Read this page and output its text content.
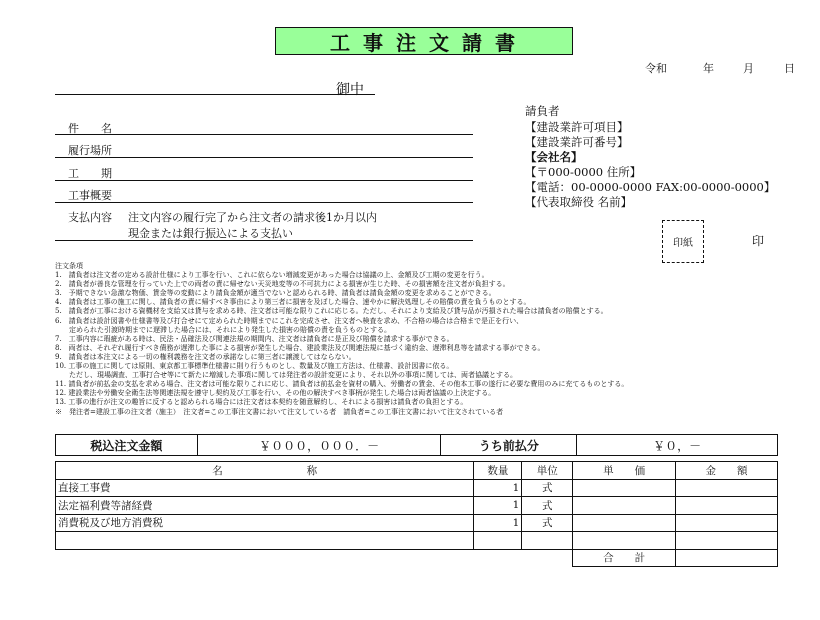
工事注文請書
令和	年	月	日
御中
件　　名
履行場所
工　　期
工事概要
支払内容 注文内容の履行完了から注文者の請求後1か月以内
現金または銀行振込による支払い
請負者
【建設業許可項目】
【建設業許可番号】
【会社名】
【〒000-0000 住所】
【電話：00-0000-0000 FAX:00-0000-0000】
【代表取締役 名前】
印紙	印
注文条項
1.　請負者は注文者の定める設計仕様により工事を行い、これに依らない増減変更があった場合は協議の上、金額及び工期の変更を行う。
2.　請負者が善良な管理を行っていた上での両者の責に帰せない天災地変等の不可抗力による損害が生じた時、その損害額を注文者が負担する。
3.　予期できない急激な物価、賃金等の変動により請負金額が適当でないと認められる時、請負者は請負金額の変更を求めることができる。
4.　請負者は工事の施工に関し、請負者の責に帰すべき事由により第三者に損害を及ぼした場合、速やかに解決処理しその賠償の責を負うものとする。
5.　請負者が工事における資機材を支給又は貸与を求める時、注文者は可能な限りこれに応じる。ただし、それにより支給及び貸与品が汚損された場合は請負者の賠償とする。
6.　請負者は設計図書や仕様書等及び打合せにて定められた時期までにこれを完成させ、注文者へ検査を求め、不合格の場合は合格まで是正を行い、
　　定められた引渡時期までに遅滞した場合には、それにより発生した損害の賠償の責を負うものとする。
7.　工事内容に瑕疵がある時は、民法・品確法及び関連法規の期間内、注文者は請負者に是正及び賠償を請求する事ができる。
8.　両者は、それぞれ履行すべき債務が遅滞した事による損害が発生した場合、建設業法及び関連法規に基づく違約金、遅滞利息等を請求する事ができる。
9.　請負者は本注文による一切の権利義務を注文者の承諾なしに第三者に譲渡してはならない。
10. 工事の施工に関しては原則、東京都工事標準仕様書に則り行うものとし、数量及び施工方法は、仕様書、設計図書に依る。
　　ただし、現場調査、工事打合せ等にて新たに増減した事項に関しては発注者の設計変更により、それ以外の事項に関しては、両者協議とする。
11. 請負者が前払金の支払を求める場合、注文者は可能な限りこれに応じ、請負者は前払金を資材の購入、労働者の賃金、その他本工事の遂行に必要な費用のみに充てるものとする。
12. 建設業法や労働安全衛生法等関連法規を遵守し契約及び工事を行い、その他の解決すべき事柄が発生した場合は両者協議の上決定する。
13. 工事の進行が注文の趣旨に反すると認められる場合には注文者は本契約を随意解約し、それによる損害は請負者の負担とする。
※　発注者=建設工事の注文者（施主）　注文者=この工事注文書において注文している者　請負者=この工事注文書において注文されている者
税込注文金額	￥０００，０００．－	うち前払分	￥０，－
名　　　　　　　　称	数量	単位	単　　価	金　　額
直接工事費	1	式		
法定福利費等諸経費	1	式		
消費税及び地方消費税	1	式		

			合　　計	
